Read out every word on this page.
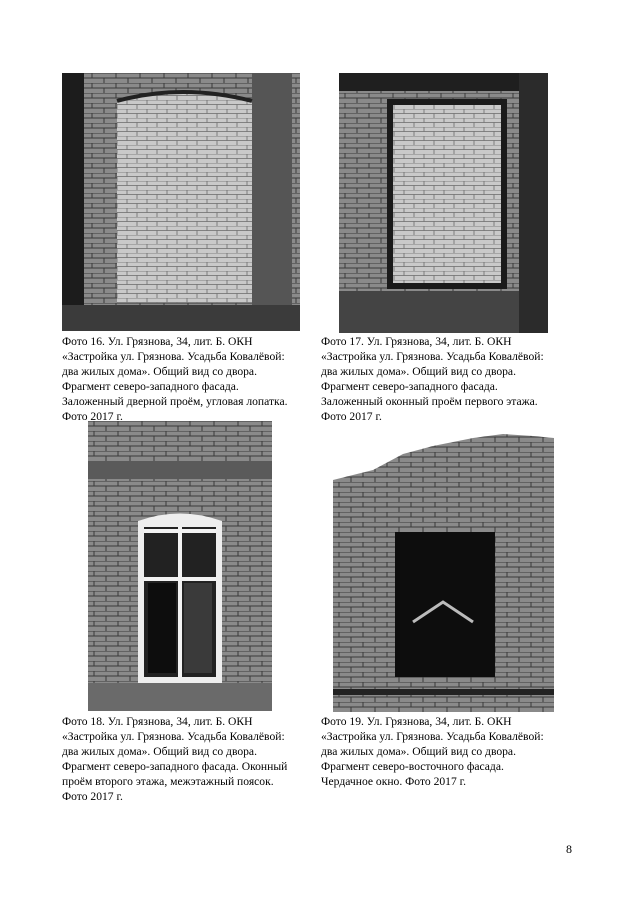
Фото 16. Ул. Грязнова, 34, лит. Б. ОКН
«Застройка ул. Грязнова. Усадьба Ковалёвой:
два жилых дома». Общий вид со двора.
Фрагмент северо-западного фасада.
Заложенный дверной проём, угловая лопатка.
Фото 2017 г.
Фото 17. Ул. Грязнова, 34, лит. Б. ОКН
«Застройка ул. Грязнова. Усадьба Ковалёвой:
два жилых дома». Общий вид со двора.
Фрагмент северо-западного фасада.
Заложенный оконный проём первого этажа.
Фото 2017 г.
Фото 18. Ул. Грязнова, 34, лит. Б. ОКН
«Застройка ул. Грязнова. Усадьба Ковалёвой:
два жилых дома». Общий вид со двора.
Фрагмент северо-западного фасада. Оконный
проём второго этажа, межэтажный поясок.
Фото 2017 г.
Фото 19. Ул. Грязнова, 34, лит. Б. ОКН
«Застройка ул. Грязнова. Усадьба Ковалёвой:
два жилых дома». Общий вид со двора.
Фрагмент северо-восточного фасада.
Чердачное окно. Фото 2017 г.
8
